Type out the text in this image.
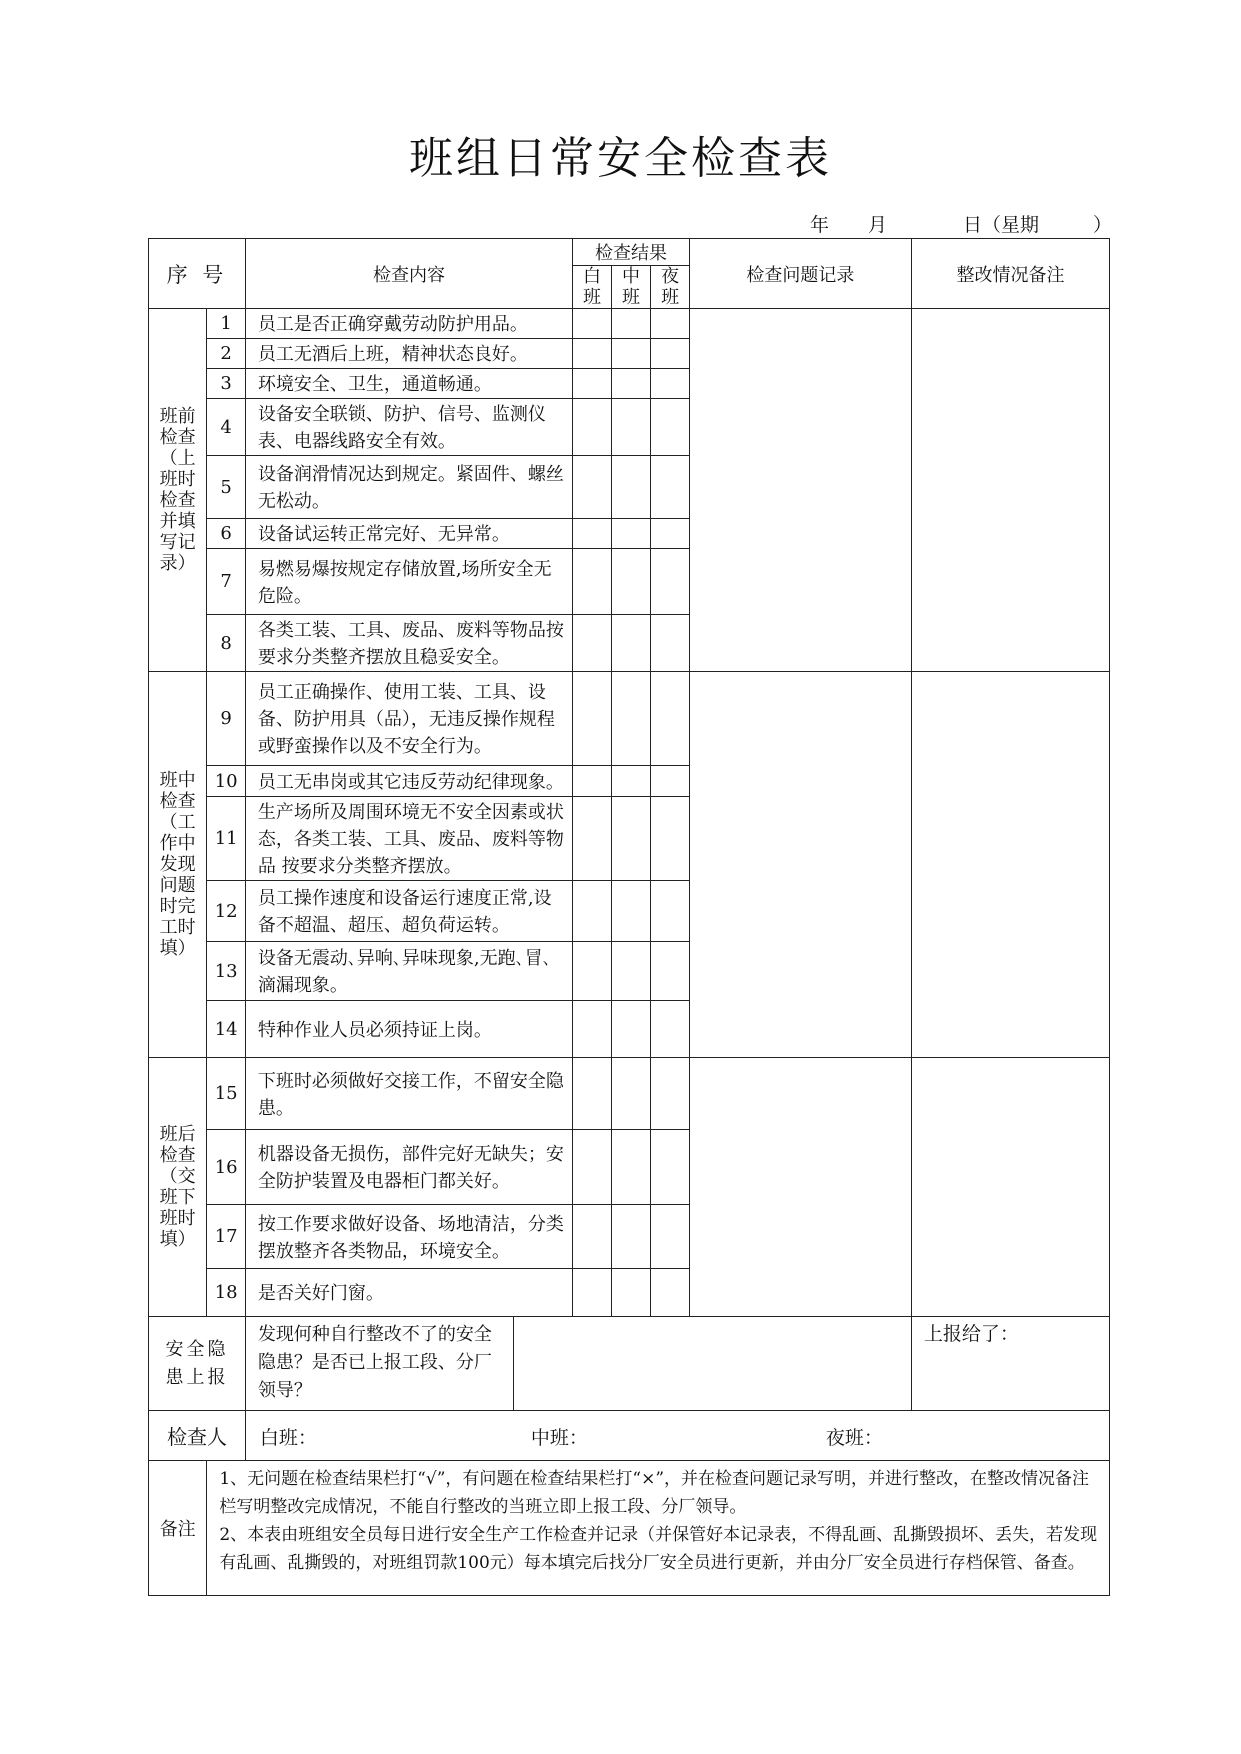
班组日常安全检查表
年 月	日（星期	）
序 号		检查内容		检查结果			检查问题记录	整改情况备注

				白班	中班	夜班		

班前检查（上班时检查并填写记录）	1	员工是否正确穿戴劳动防护用品。						
	2	员工无酒后上班，精神状态良好。						
	3	环境安全、卫生，通道畅通。						
	4	设备安全联锁、防护、信号、监测仪表、电器线路安全有效。						
	5	设备润滑情况达到规定。紧固件、螺丝无松动。						
	6	设备试运转正常完好、无异常。						
	7	易燃易爆按规定存储放置,场所安全无危险。						
	8	各类工装、工具、废品、废料等物品按要求分类整齐摆放且稳妥安全。						

班中检查（工作中发现问题时完工时填）	9	员工正确操作、使用工装、工具、设备、防护用具（品），无违反操作规程或野蛮操作以及不安全行为。						
	10	员工无串岗或其它违反劳动纪律现象。						
	11	生产场所及周围环境无不安全因素或状 态，各类工装、工具、废品、废料等物品 按要求分类整齐摆放。						
	12	员工操作速度和设备运行速度正常,设备不超温、超压、超负荷运转。						
	13	设备无震动､异响､异味现象,无跑､冒､ 滴漏现象。						
	14	特种作业人员必须持证上岗。						

班后检查（交班下班时填）	15	下班时必须做好交接工作，不留安全隐患。						
	16	机器设备无损伤，部件完好无缺失；安全防护装置及电器柜门都关好。						
	17	按工作要求做好设备、场地清洁，分类摆放整齐各类物品，环境安全。						
	18	是否关好门窗。						

安全隐患上报		发现何种自行整改不了的安全隐患？是否已上报工段、分厂领导？						上报给了：
检查人		白班： 中班： 夜班：						

备注	1、无问题在检查结果栏打“√”，有问题在检查结果栏打“×”，并在检查问题记录写明，并进行整改，在整改情况备注栏写明整改完成情况，不能自行整改的当班立即上报工段、分厂领导。
2、本表由班组安全员每日进行安全生产工作检查并记录（并保管好本记录表，不得乱画、乱撕毁损坏、丢失，若发现有乱画、乱撕毁的，对班组罚款100元）每本填完后找分厂安全员进行更新，并由分厂安全员进行存档保管、备查。							
